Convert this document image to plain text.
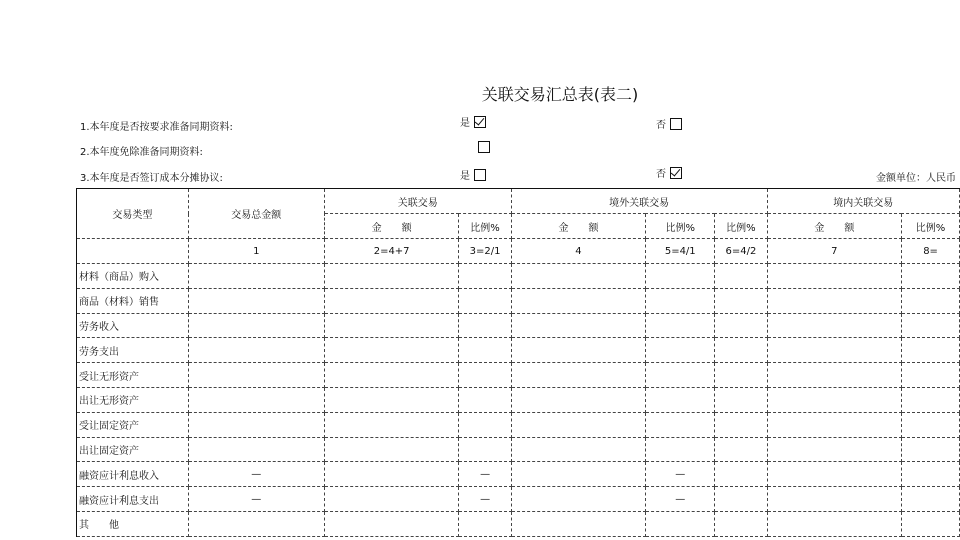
关联交易汇总表(表二)
1.本年度是否按要求准备同期资料:	是	否
2.本年度免除准备同期资料:
3.本年度是否签订成本分摊协议:	是	否	金额单位：人民币
交易类型	交易总金额	关联交易		境外关联交易			境内关联交易	
		金　　额	比例%	金　　额	比例%	比例%	金　　额	比例%
	1	2=4+7	3=2/1	4	5=4/1	6=4/2	7	8=
材料（商品）购入								
商品（材料）销售								
劳务收入								
劳务支出								
受让无形资产								
出让无形资产								
受让固定资产								
出让固定资产								
融资应计利息收入	—		—		—			
融资应计利息支出	—		—		—			
其　　他								
